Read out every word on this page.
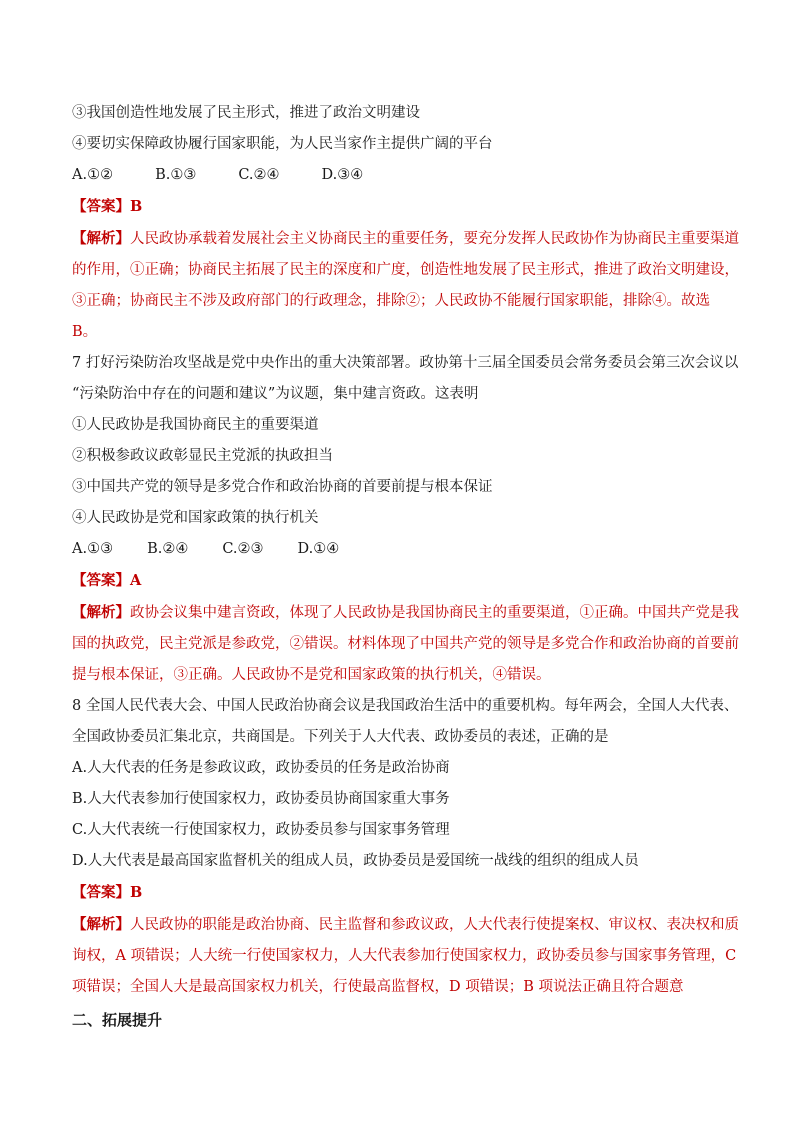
③我国创造性地发展了民主形式，推进了政治文明建设
④要切实保障政协履行国家职能，为人民当家作主提供广阔的平台
A.①②	B.①③	C.②④	D.③④
【答案】B
【解析】人民政协承载着发展社会主义协商民主的重要任务，要充分发挥人民政协作为协商民主重要渠道
的作用，①正确；协商民主拓展了民主的深度和广度，创造性地发展了民主形式，推进了政治文明建设，
③正确；协商民主不涉及政府部门的行政理念，排除②；人民政协不能履行国家职能，排除④。故选
B。
7 打好污染防治攻坚战是党中央作出的重大决策部署。政协第十三届全国委员会常务委员会第三次会议以
“污染防治中存在的问题和建议”为议题，集中建言资政。这表明
①人民政协是我国协商民主的重要渠道
②积极参政议政彰显民主党派的执政担当
③中国共产党的领导是多党合作和政治协商的首要前提与根本保证
④人民政协是党和国家政策的执行机关
A.①③ B.②④ C.②③ D.①④
【答案】A
【解析】政协会议集中建言资政，体现了人民政协是我国协商民主的重要渠道，①正确。中国共产党是我
国的执政党，民主党派是参政党，②错误。材料体现了中国共产党的领导是多党合作和政治协商的首要前
提与根本保证，③正确。人民政协不是党和国家政策的执行机关，④错误。
8 全国人民代表大会、中国人民政治协商会议是我国政治生活中的重要机构。每年两会，全国人大代表、
全国政协委员汇集北京，共商国是。下列关于人大代表、政协委员的表述，正确的是
A.人大代表的任务是参政议政，政协委员的任务是政治协商
B.人大代表参加行使国家权力，政协委员协商国家重大事务
C.人大代表统一行使国家权力，政协委员参与国家事务管理
D.人大代表是最高国家监督机关的组成人员，政协委员是爱国统一战线的组织的组成人员
【答案】B
【解析】人民政协的职能是政治协商、民主监督和参政议政，人大代表行使提案权、审议权、表决权和质
询权，A 项错误；人大统一行使国家权力，人大代表参加行使国家权力，政协委员参与国家事务管理，C
项错误；全国人大是最高国家权力机关，行使最高监督权，D 项错误；B 项说法正确且符合题意
二、拓展提升
